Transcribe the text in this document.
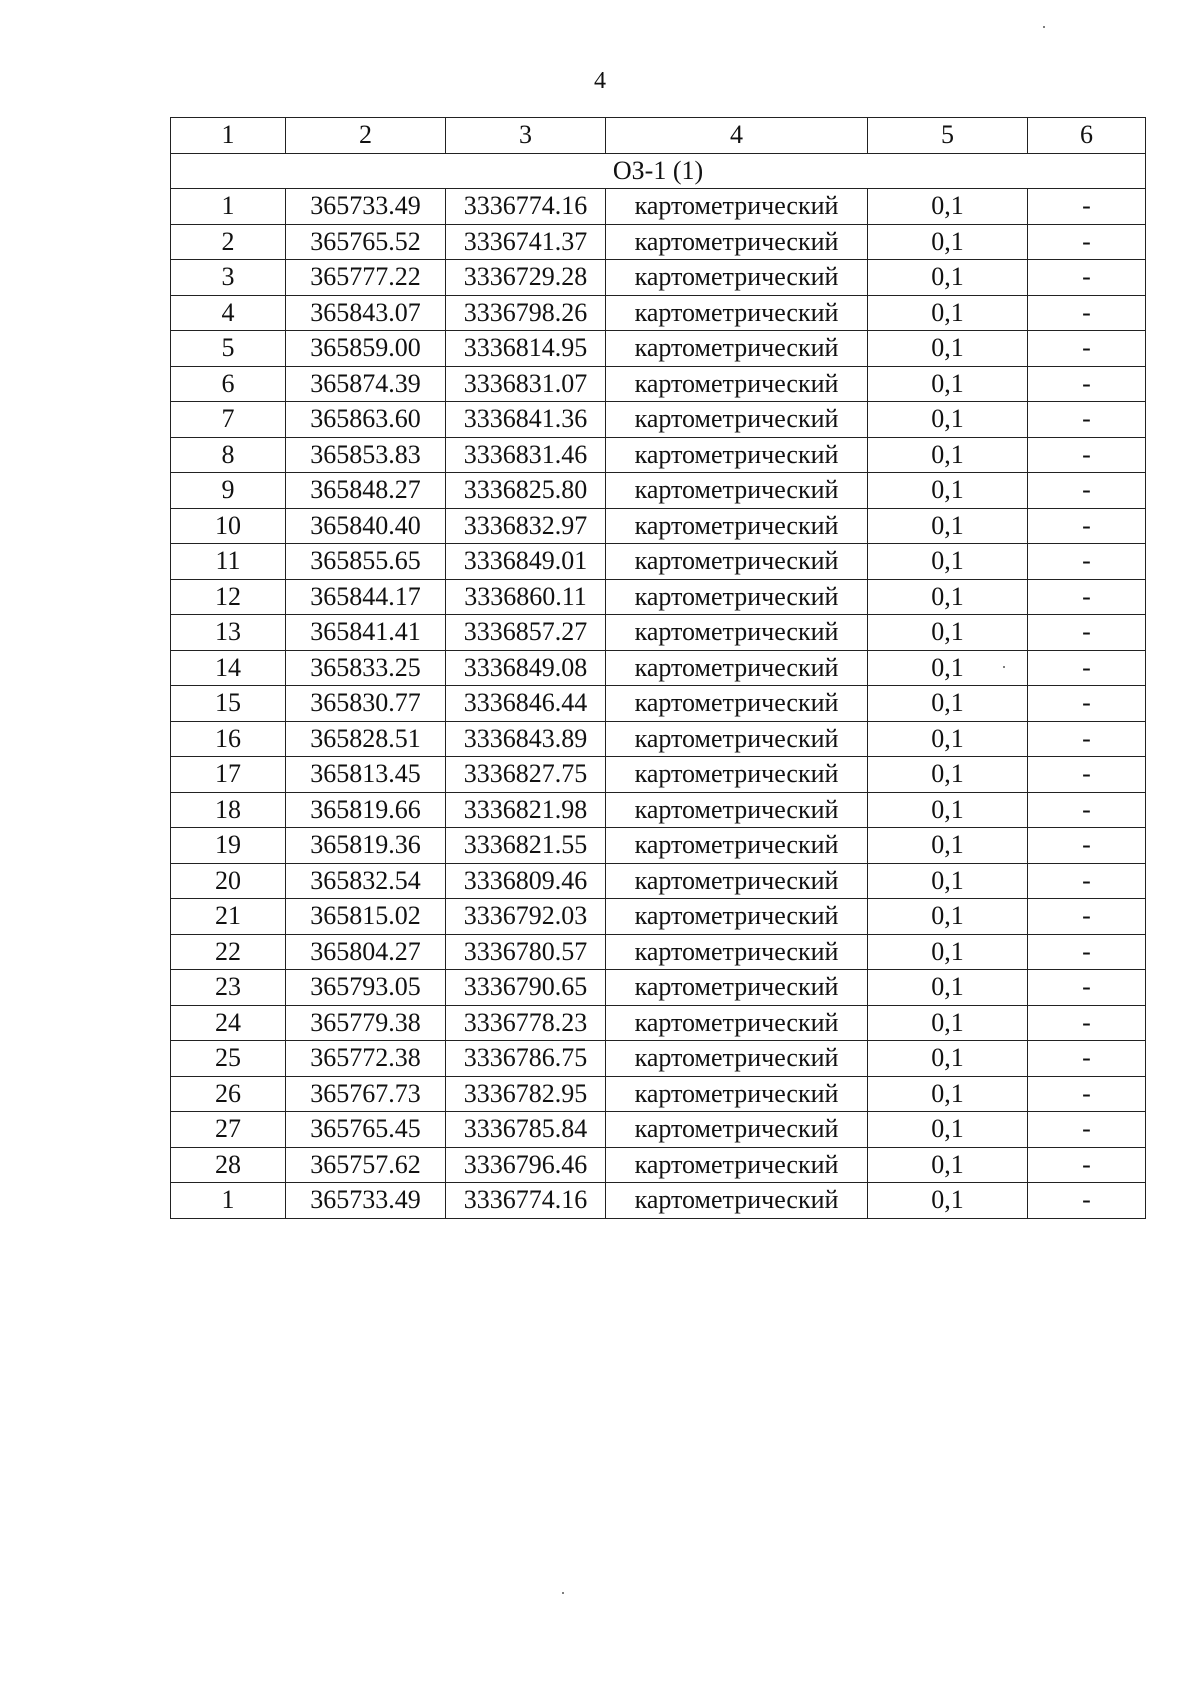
4
1	2	3	4	5	6
ОЗ-1 (1)					
1	365733.49	3336774.16	картометрический	0,1	-
2	365765.52	3336741.37	картометрический	0,1	-
3	365777.22	3336729.28	картометрический	0,1	-
4	365843.07	3336798.26	картометрический	0,1	-
5	365859.00	3336814.95	картометрический	0,1	-
6	365874.39	3336831.07	картометрический	0,1	-
7	365863.60	3336841.36	картометрический	0,1	-
8	365853.83	3336831.46	картометрический	0,1	-
9	365848.27	3336825.80	картометрический	0,1	-
10	365840.40	3336832.97	картометрический	0,1	-
11	365855.65	3336849.01	картометрический	0,1	-
12	365844.17	3336860.11	картометрический	0,1	-
13	365841.41	3336857.27	картометрический	0,1	-
14	365833.25	3336849.08	картометрический	0,1	-
15	365830.77	3336846.44	картометрический	0,1	-
16	365828.51	3336843.89	картометрический	0,1	-
17	365813.45	3336827.75	картометрический	0,1	-
18	365819.66	3336821.98	картометрический	0,1	-
19	365819.36	3336821.55	картометрический	0,1	-
20	365832.54	3336809.46	картометрический	0,1	-
21	365815.02	3336792.03	картометрический	0,1	-
22	365804.27	3336780.57	картометрический	0,1	-
23	365793.05	3336790.65	картометрический	0,1	-
24	365779.38	3336778.23	картометрический	0,1	-
25	365772.38	3336786.75	картометрический	0,1	-
26	365767.73	3336782.95	картометрический	0,1	-
27	365765.45	3336785.84	картометрический	0,1	-
28	365757.62	3336796.46	картометрический	0,1	-
1	365733.49	3336774.16	картометрический	0,1	-
